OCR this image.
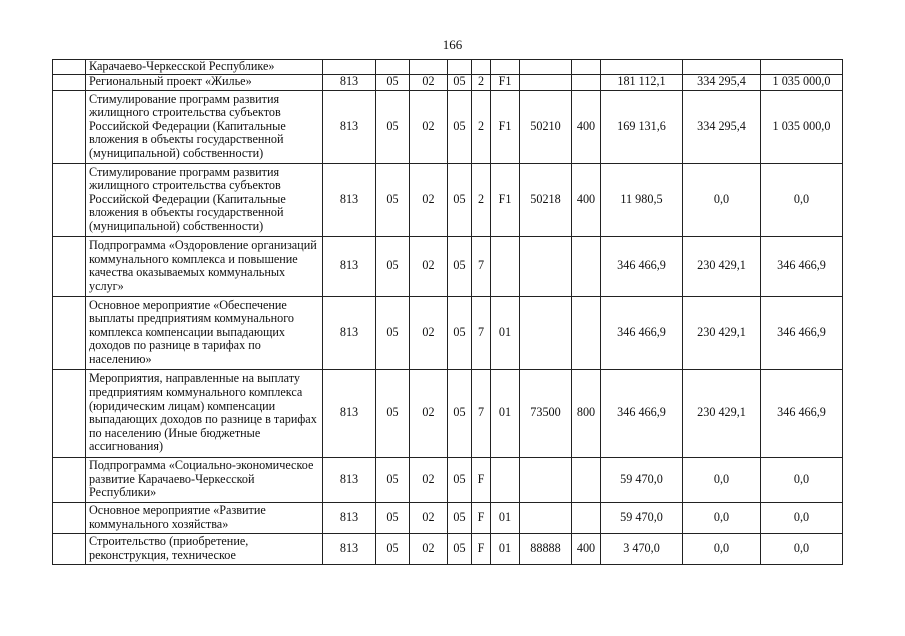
166
	Карачаево-Черкесской Республике»											
	Региональный проект «Жилье»	813	05	02	05	2	F1			181 112,1	334 295,4	1 035 000,0
	Стимулирование программ развития жилищного строительства субъектов Российской Федерации (Капитальные вложения в объекты государственной (муниципальной) собственности)	813	05	02	05	2	F1	50210	400	169 131,6	334 295,4	1 035 000,0
	Стимулирование программ развития жилищного строительства субъектов Российской Федерации (Капитальные вложения в объекты государственной (муниципальной) собственности)	813	05	02	05	2	F1	50218	400	11 980,5	0,0	0,0
	Подпрограмма «Оздоровление организаций коммунального комплекса и повышение качества оказываемых коммунальных услуг»	813	05	02	05	7				346 466,9	230 429,1	346 466,9
	Основное мероприятие «Обеспечение выплаты предприятиям коммунального комплекса компенсации выпадающих доходов по разнице в тарифах по населению»	813	05	02	05	7	01			346 466,9	230 429,1	346 466,9
	Мероприятия, направленные на выплату предприятиям коммунального комплекса (юридическим лицам) компенсации выпадающих доходов по разнице в тарифах по населению (Иные бюджетные ассигнования)	813	05	02	05	7	01	73500	800	346 466,9	230 429,1	346 466,9
	Подпрограмма «Социально-экономическое развитие Карачаево-Черкесской Республики»	813	05	02	05	F				59 470,0	0,0	0,0
	Основное мероприятие «Развитие коммунального хозяйства»	813	05	02	05	F	01			59 470,0	0,0	0,0
	Строительство (приобретение, реконструкция, техническое	813	05	02	05	F	01	88888	400	3 470,0	0,0	0,0
